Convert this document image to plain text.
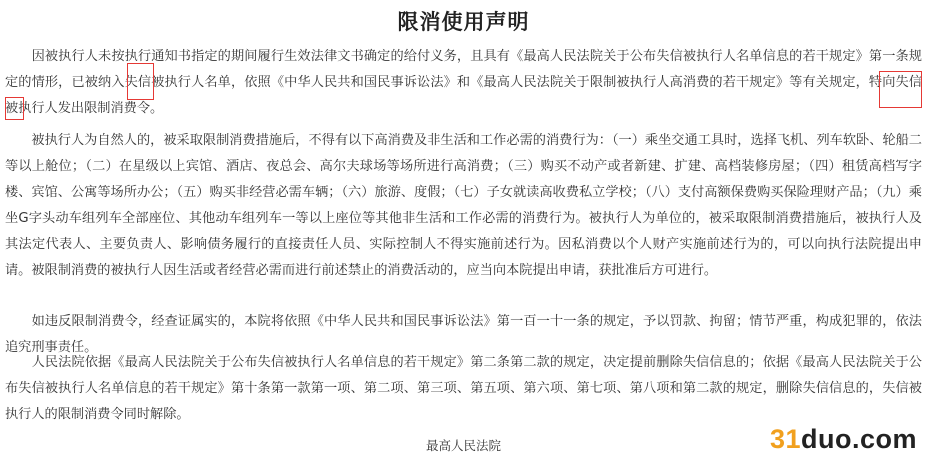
限消使用声明

　　因被执行人未按执行通知书指定的期间履行生效法律文书确定的给付义务，且具有《最高人民法院关于公布失信被执行人名单信息的若干规定》第一条规定的情形，已被纳入失信被执行人名单，依照《中华人民共和国民事诉讼法》和《最高人民法院关于限制被执行人高消费的若干规定》等有关规定，特向失信被执行人发出限制消费令。

　　被执行人为自然人的，被采取限制消费措施后，不得有以下高消费及非生活和工作必需的消费行为：（一）乘坐交通工具时，选择飞机、列车软卧、轮船二等以上舱位；（二）在星级以上宾馆、酒店、夜总会、高尔夫球场等场所进行高消费；（三）购买不动产或者新建、扩建、高档装修房屋；（四）租赁高档写字楼、宾馆、公寓等场所办公；（五）购买非经营必需车辆；（六）旅游、度假；（七）子女就读高收费私立学校；（八）支付高额保费购买保险理财产品；（九）乘坐G字头动车组列车全部座位、其他动车组列车一等以上座位等其他非生活和工作必需的消费行为。被执行人为单位的，被采取限制消费措施后，被执行人及其法定代表人、主要负责人、影响债务履行的直接责任人员、实际控制人不得实施前述行为。因私消费以个人财产实施前述行为的，可以向执行法院提出申请。被限制消费的被执行人因生活或者经营必需而进行前述禁止的消费活动的，应当向本院提出申请，获批准后方可进行。

　　如违反限制消费令，经查证属实的，本院将依照《中华人民共和国民事诉讼法》第一百一十一条的规定，予以罚款、拘留；情节严重，构成犯罪的，依法追究刑事责任。

　　人民法院依据《最高人民法院关于公布失信被执行人名单信息的若干规定》第二条第二款的规定，决定提前删除失信信息的；依据《最高人民法院关于公布失信被执行人名单信息的若干规定》第十条第一款第一项、第二项、第三项、第五项、第六项、第七项、第八项和第二款的规定，删除失信信息的，失信被执行人的限制消费令同时解除。

最高人民法院	31duo.com
